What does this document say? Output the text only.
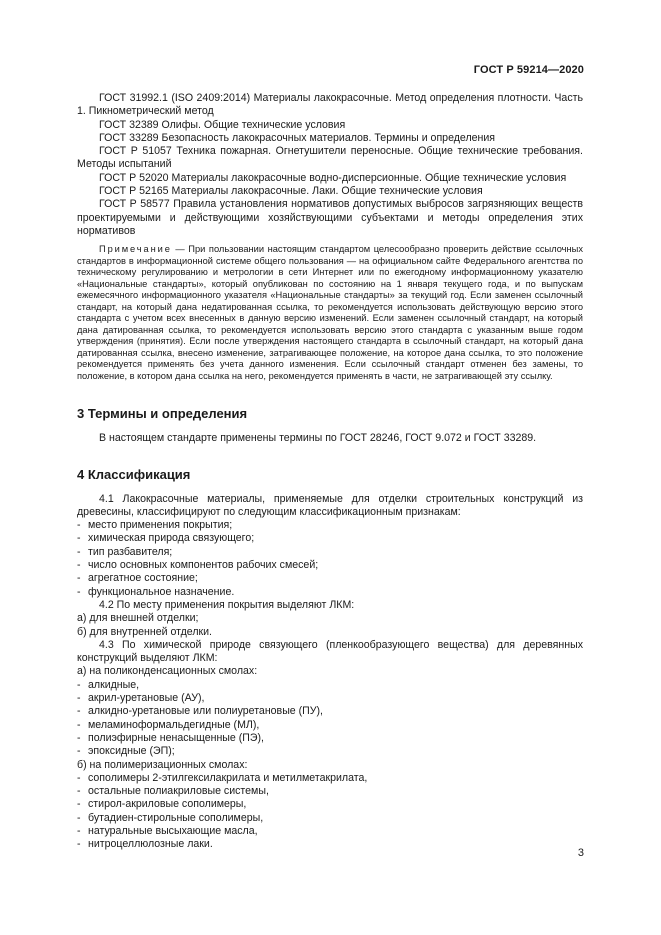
ГОСТ Р 59214—2020

ГОСТ 31992.1 (ISO 2409:2014) Материалы лакокрасочные. Метод определения плотности. Часть 1. Пикнометрический метод

ГОСТ 32389 Олифы. Общие технические условия

ГОСТ 33289 Безопасность лакокрасочных материалов. Термины и определения

ГОСТ Р 51057 Техника пожарная. Огнетушители переносные. Общие технические требования. Методы испытаний

ГОСТ Р 52020 Материалы лакокрасочные водно-дисперсионные. Общие технические условия

ГОСТ Р 52165 Материалы лакокрасочные. Лаки. Общие технические условия

ГОСТ Р 58577 Правила установления нормативов допустимых выбросов загрязняющих веществ проектируемыми и действующими хозяйствующими субъектами и методы определения этих нормативов

Примечание — При пользовании настоящим стандартом целесообразно проверить действие ссылочных стандартов в информационной системе общего пользования — на официальном сайте Федерального агентства по техническому регулированию и метрологии в сети Интернет или по ежегодному информационному указателю «Национальные стандарты», который опубликован по состоянию на 1 января текущего года, и по выпускам ежемесячного информационного указателя «Национальные стандарты» за текущий год. Если заменен ссылочный стандарт, на который дана недатированная ссылка, то рекомендуется использовать действующую версию этого стандарта с учетом всех внесенных в данную версию изменений. Если заменен ссылочный стандарт, на который дана датированная ссылка, то рекомендуется использовать версию этого стандарта с указанным выше годом утверждения (принятия). Если после утверждения настоящего стандарта в ссылочный стандарт, на который дана датированная ссылка, внесено изменение, затрагивающее положение, на которое дана ссылка, то это положение рекомендуется применять без учета данного изменения. Если ссылочный стандарт отменен без замены, то положение, в котором дана ссылка на него, рекомендуется применять в части, не затрагивающей эту ссылку.

3 Термины и определения

В настоящем стандарте применены термины по ГОСТ 28246, ГОСТ 9.072 и ГОСТ 33289.

4 Классификация

4.1 Лакокрасочные материалы, применяемые для отделки строительных конструкций из древесины, классифицируют по следующим классификационным признакам:

- место применения покрытия;
- химическая природа связующего;
- тип разбавителя;
- число основных компонентов рабочих смесей;
- агрегатное состояние;
- функциональное назначение.

4.2 По месту применения покрытия выделяют ЛКМ:

а) для внешней отделки;

б) для внутренней отделки.

4.3 По химической природе связующего (пленкообразующего вещества) для деревянных конструкций выделяют ЛКМ:

а) на поликонденсационных смолах:

- алкидные,
- акрил-уретановые (АУ),
- алкидно-уретановые или полиуретановые (ПУ),
- меламиноформальдегидные (МЛ),
- полиэфирные ненасыщенные (ПЭ),
- эпоксидные (ЭП);

б) на полимеризационных смолах:

- сополимеры 2-этилгексилакрилата и метилметакрилата,
- остальные полиакриловые системы,
- стирол-акриловые сополимеры,
- бутадиен-стирольные сополимеры,
- натуральные высыхающие масла,
- нитроцеллюлозные лаки.
3
